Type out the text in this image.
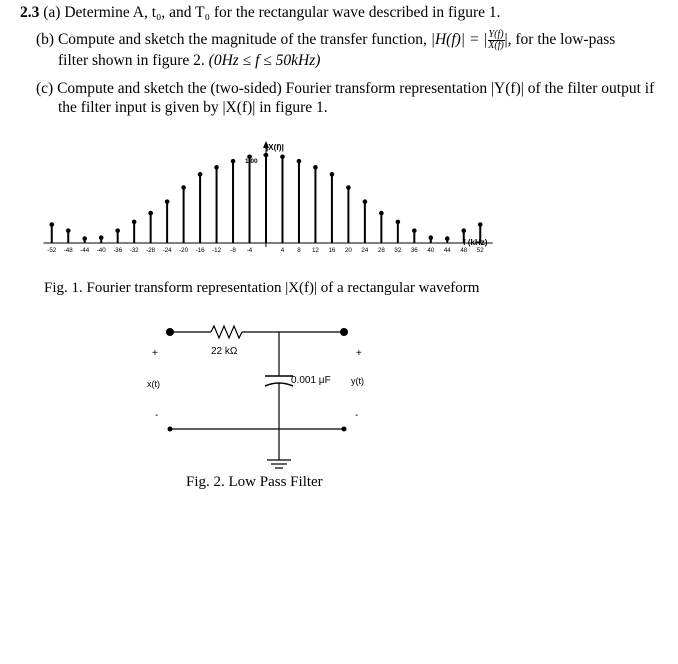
2.3 (a) Determine A, t₀, and T₀ for the rectangular wave described in figure 1.
(b) Compute and sketch the magnitude of the transfer function, |H(f)| = | $\frac{Y(f)}{X(f)}$ |, for the low-pass
filter shown in figure 2. (0Hz ≤ f ≤ 50kHz)
(c) Compute and sketch the (two-sided) Fourier transform representation |Y(f)| of the filter output if
the filter input is given by |X(f)| in figure 1.
-52 -48 -44 -40 -36 -32 -28 -24 -20 -16 -12 -8 -4	4 8 12 16 20 24 28 32 36 40 44 48 52
|X(f)|
f (kHz)
1.00
Fig. 1. Fourier transform representation |X(f)| of a rectangular waveform
22 kΩ
0.001 μF
x(t)	y(t)
+	+
-	-
Fig. 2. Low Pass Filter
